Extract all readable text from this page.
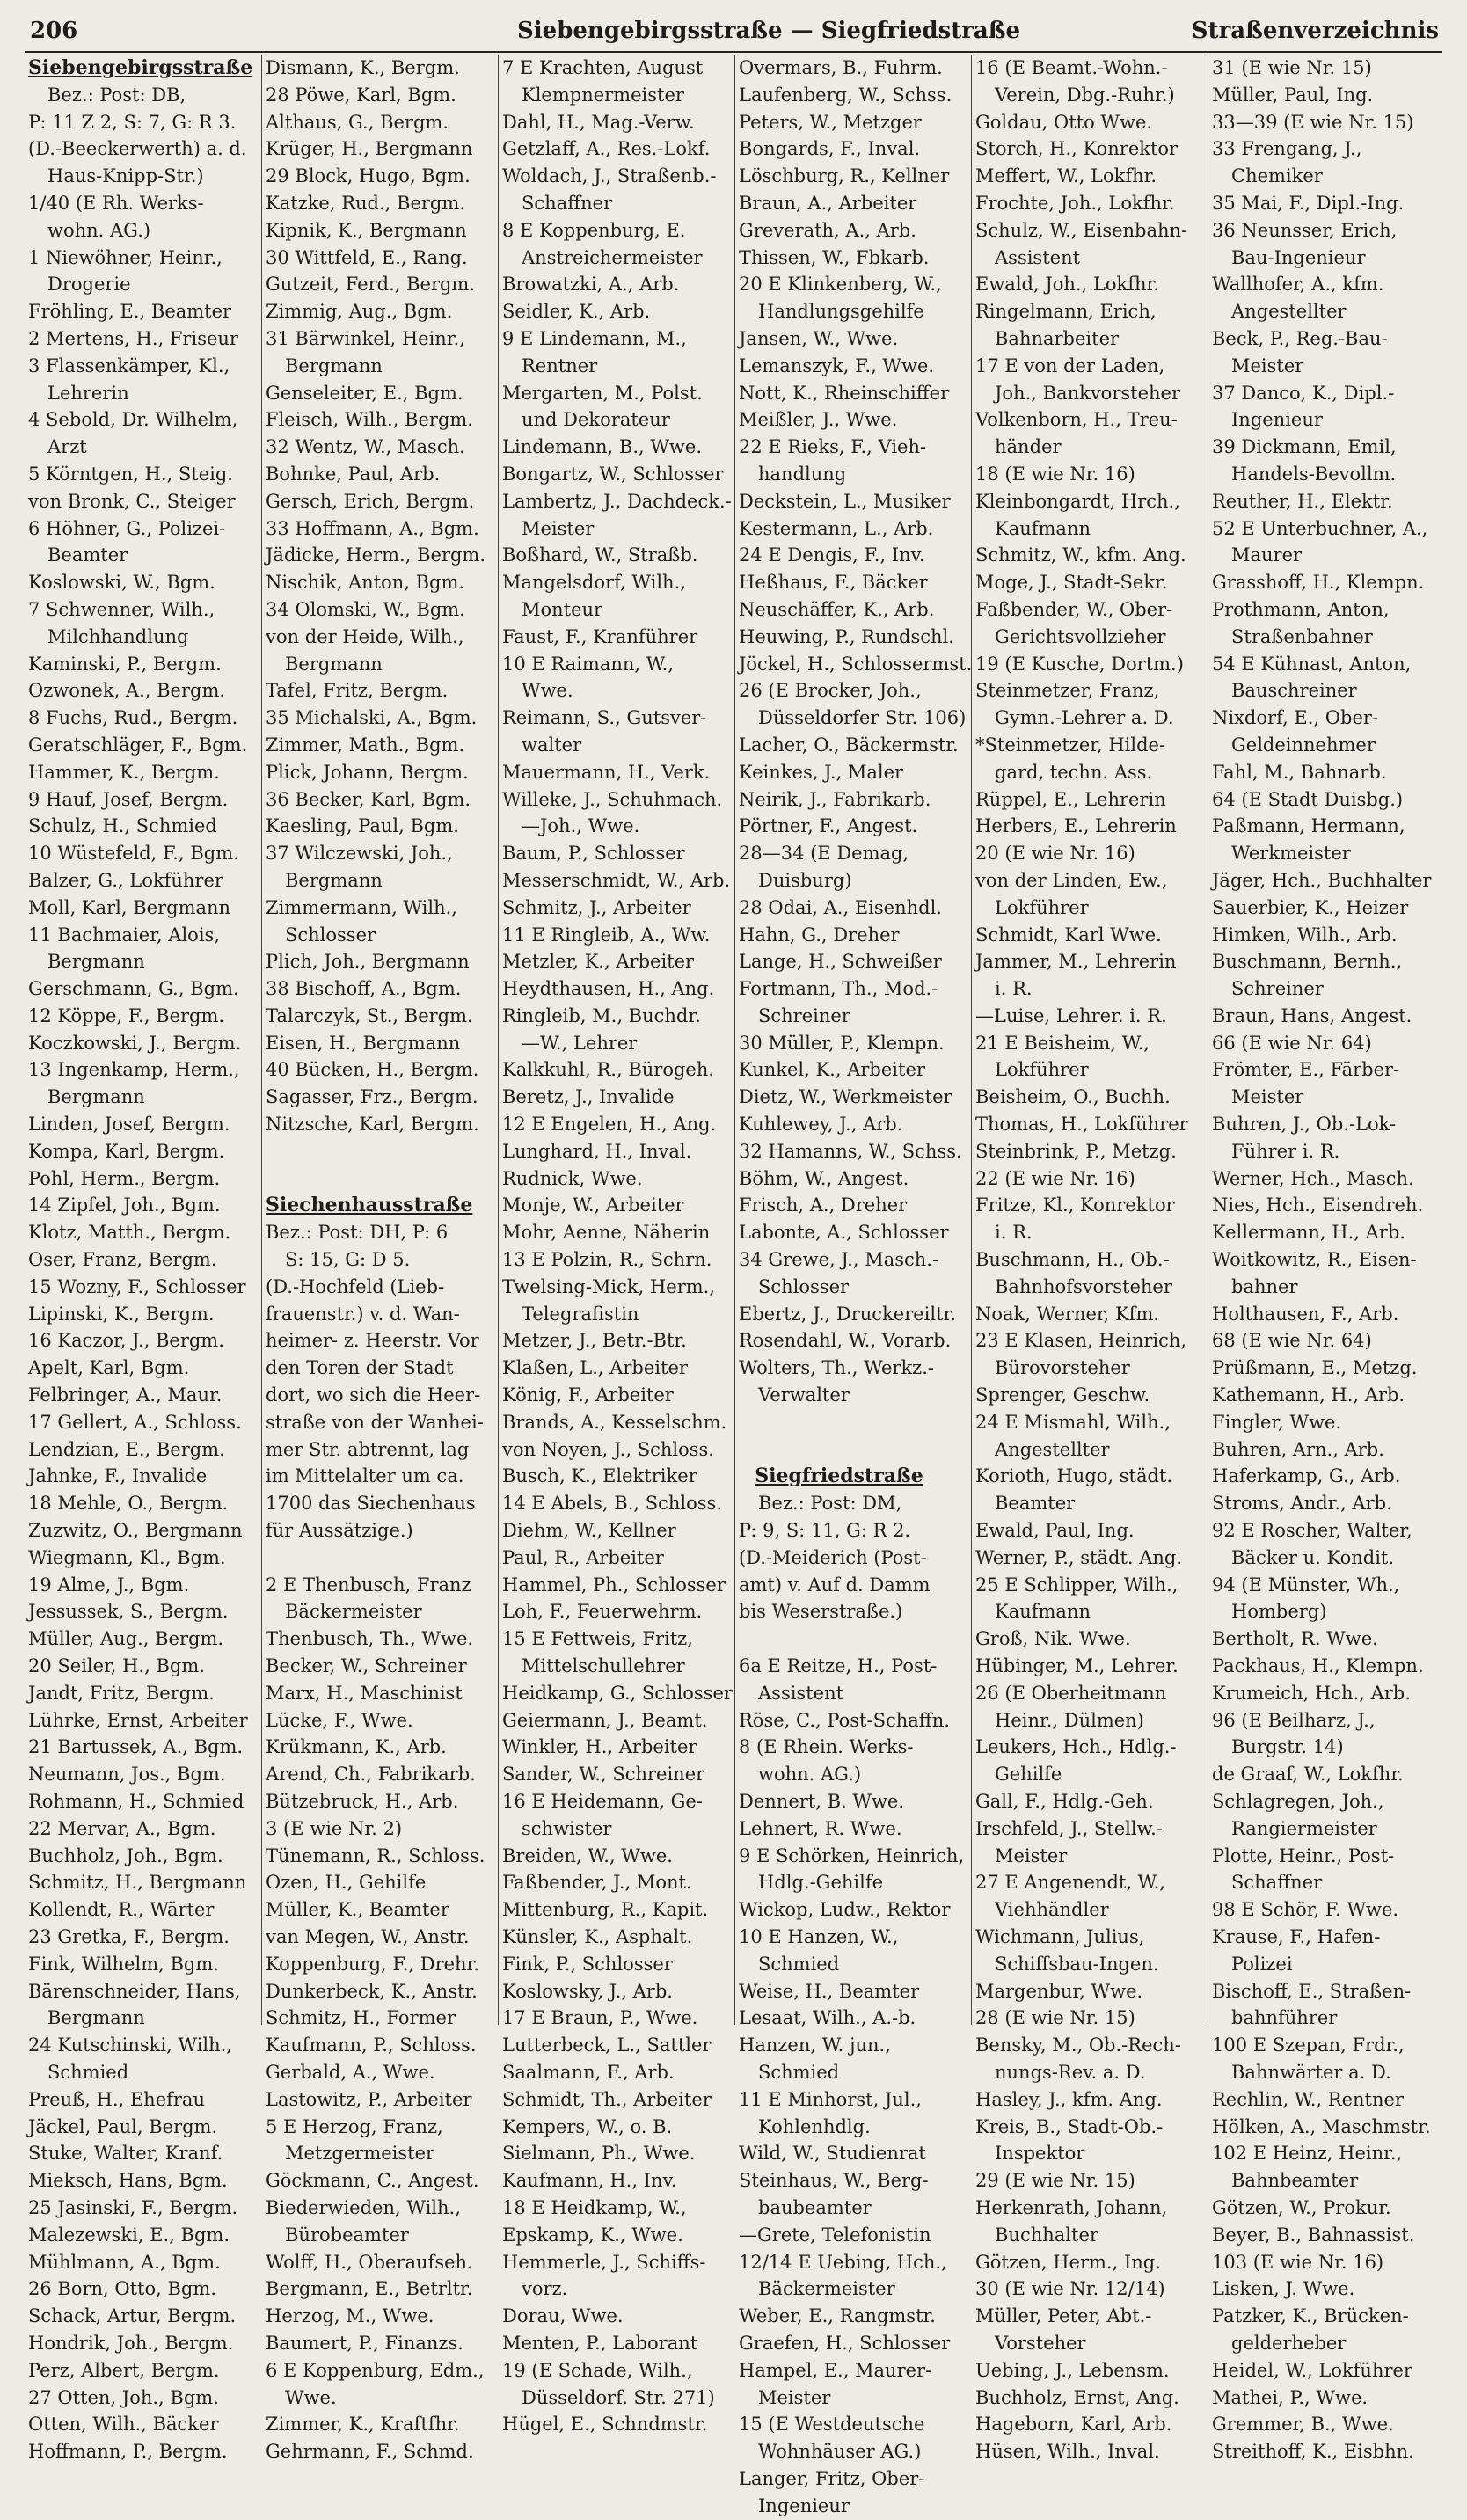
206	Siebengebirgsstraße — Siegfriedstraße	Straßenverzeichnis
Siebengebirgsstraße
Bez.: Post: DB,
P: 11 Z 2, S: 7, G: R 3.
(D.-Beeckerwerth) a. d.
Haus-Knipp-Str.)
1/40 (E Rh. Werks-
wohn. AG.)
1 Niewöhner, Heinr.,
Drogerie
Fröhling, E., Beamter
2 Mertens, H., Friseur
3 Flassenkämper, Kl.,
Lehrerin
4 Sebold, Dr. Wilhelm,
Arzt
5 Körntgen, H., Steig.
von Bronk, C., Steiger
6 Höhner, G., Polizei-
Beamter
Koslowski, W., Bgm.
7 Schwenner, Wilh.,
Milchhandlung
Kaminski, P., Bergm.
Ozwonek, A., Bergm.
8 Fuchs, Rud., Bergm.
Geratschläger, F., Bgm.
Hammer, K., Bergm.
9 Hauf, Josef, Bergm.
Schulz, H., Schmied
10 Wüstefeld, F., Bgm.
Balzer, G., Lokführer
Moll, Karl, Bergmann
11 Bachmaier, Alois,
Bergmann
Gerschmann, G., Bgm.
12 Köppe, F., Bergm.
Koczkowski, J., Bergm.
13 Ingenkamp, Herm.,
Bergmann
Linden, Josef, Bergm.
Kompa, Karl, Bergm.
Pohl, Herm., Bergm.
14 Zipfel, Joh., Bgm.
Klotz, Matth., Bergm.
Oser, Franz, Bergm.
15 Wozny, F., Schlosser
Lipinski, K., Bergm.
16 Kaczor, J., Bergm.
Apelt, Karl, Bgm.
Felbringer, A., Maur.
17 Gellert, A., Schloss.
Lendzian, E., Bergm.
Jahnke, F., Invalide
18 Mehle, O., Bergm.
Zuzwitz, O., Bergmann
Wiegmann, Kl., Bgm.
19 Alme, J., Bgm.
Jessussek, S., Bergm.
Müller, Aug., Bergm.
20 Seiler, H., Bgm.
Jandt, Fritz, Bergm.
Lührke, Ernst, Arbeiter
21 Bartussek, A., Bgm.
Neumann, Jos., Bgm.
Rohmann, H., Schmied
22 Mervar, A., Bgm.
Buchholz, Joh., Bgm.
Schmitz, H., Bergmann
Kollendt, R., Wärter
23 Gretka, F., Bergm.
Fink, Wilhelm, Bgm.
Bärenschneider, Hans,
Bergmann
24 Kutschinski, Wilh.,
Schmied
Preuß, H., Ehefrau
Jäckel, Paul, Bergm.
Stuke, Walter, Kranf.
Mieksch, Hans, Bgm.
25 Jasinski, F., Bergm.
Malezewski, E., Bgm.
Mühlmann, A., Bgm.
26 Born, Otto, Bgm.
Schack, Artur, Bergm.
Hondrik, Joh., Bergm.
Perz, Albert, Bergm.
27 Otten, Joh., Bgm.
Otten, Wilh., Bäcker
Hoffmann, P., Bergm.
Dismann, K., Bergm.
28 Pöwe, Karl, Bgm.
Althaus, G., Bergm.
Krüger, H., Bergmann
29 Block, Hugo, Bgm.
Katzke, Rud., Bergm.
Kipnik, K., Bergmann
30 Wittfeld, E., Rang.
Gutzeit, Ferd., Bergm.
Zimmig, Aug., Bgm.
31 Bärwinkel, Heinr.,
Bergmann
Genseleiter, E., Bgm.
Fleisch, Wilh., Bergm.
32 Wentz, W., Masch.
Bohnke, Paul, Arb.
Gersch, Erich, Bergm.
33 Hoffmann, A., Bgm.
Jädicke, Herm., Bergm.
Nischik, Anton, Bgm.
34 Olomski, W., Bgm.
von der Heide, Wilh.,
Bergmann
Tafel, Fritz, Bergm.
35 Michalski, A., Bgm.
Zimmer, Math., Bgm.
Plick, Johann, Bergm.
36 Becker, Karl, Bgm.
Kaesling, Paul, Bgm.
37 Wilczewski, Joh.,
Bergmann
Zimmermann, Wilh.,
Schlosser
Plich, Joh., Bergmann
38 Bischoff, A., Bgm.
Talarczyk, St., Bergm.
Eisen, H., Bergmann
40 Bücken, H., Bergm.
Sagasser, Frz., Bergm.
Nitzsche, Karl, Bergm.
Siechenhausstraße
Bez.: Post: DH, P: 6
S: 15, G: D 5.
(D.-Hochfeld (Lieb-
frauenstr.) v. d. Wan-
heimer- z. Heerstr. Vor
den Toren der Stadt
dort, wo sich die Heer-
straße von der Wanhei-
mer Str. abtrennt, lag
im Mittelalter um ca.
1700 das Siechenhaus
für Aussätzige.)
2 E Thenbusch, Franz
Bäckermeister
Thenbusch, Th., Wwe.
Becker, W., Schreiner
Marx, H., Maschinist
Lücke, F., Wwe.
Krükmann, K., Arb.
Arend, Ch., Fabrikarb.
Bützebruck, H., Arb.
3 (E wie Nr. 2)
Tünemann, R., Schloss.
Ozen, H., Gehilfe
Müller, K., Beamter
van Megen, W., Anstr.
Koppenburg, F., Drehr.
Dunkerbeck, K., Anstr.
Schmitz, H., Former
Kaufmann, P., Schloss.
Gerbald, A., Wwe.
Lastowitz, P., Arbeiter
5 E Herzog, Franz,
Metzgermeister
Göckmann, C., Angest.
Biederwieden, Wilh.,
Bürobeamter
Wolff, H., Oberaufseh.
Bergmann, E., Betrltr.
Herzog, M., Wwe.
Baumert, P., Finanzs.
6 E Koppenburg, Edm.,
Wwe.
Zimmer, K., Kraftfhr.
Gehrmann, F., Schmd.
7 E Krachten, August
Klempnermeister
Dahl, H., Mag.-Verw.
Getzlaff, A., Res.-Lokf.
Woldach, J., Straßenb.-
Schaffner
8 E Koppenburg, E.
Anstreichermeister
Browatzki, A., Arb.
Seidler, K., Arb.
9 E Lindemann, M.,
Rentner
Mergarten, M., Polst.
und Dekorateur
Lindemann, B., Wwe.
Bongartz, W., Schlosser
Lambertz, J., Dachdeck.-
Meister
Boßhard, W., Straßb.
Mangelsdorf, Wilh.,
Monteur
Faust, F., Kranführer
10 E Raimann, W.,
Wwe.
Reimann, S., Gutsver-
walter
Mauermann, H., Verk.
Willeke, J., Schuhmach.
—Joh., Wwe.
Baum, P., Schlosser
Messerschmidt, W., Arb.
Schmitz, J., Arbeiter
11 E Ringleib, A., Ww.
Metzler, K., Arbeiter
Heydthausen, H., Ang.
Ringleib, M., Buchdr.
—W., Lehrer
Kalkkuhl, R., Bürogeh.
Beretz, J., Invalide
12 E Engelen, H., Ang.
Lunghard, H., Inval.
Rudnick, Wwe.
Monje, W., Arbeiter
Mohr, Aenne, Näherin
13 E Polzin, R., Schrn.
Twelsing-Mick, Herm.,
Telegrafistin
Metzer, J., Betr.-Btr.
Klaßen, L., Arbeiter
König, F., Arbeiter
Brands, A., Kesselschm.
von Noyen, J., Schloss.
Busch, K., Elektriker
14 E Abels, B., Schloss.
Diehm, W., Kellner
Paul, R., Arbeiter
Hammel, Ph., Schlosser
Loh, F., Feuerwehrm.
15 E Fettweis, Fritz,
Mittelschullehrer
Heidkamp, G., Schlosser
Geiermann, J., Beamt.
Winkler, H., Arbeiter
Sander, W., Schreiner
16 E Heidemann, Ge-
schwister
Breiden, W., Wwe.
Faßbender, J., Mont.
Mittenburg, R., Kapit.
Künsler, K., Asphalt.
Fink, P., Schlosser
Koslowsky, J., Arb.
17 E Braun, P., Wwe.
Lutterbeck, L., Sattler
Saalmann, F., Arb.
Schmidt, Th., Arbeiter
Kempers, W., o. B.
Sielmann, Ph., Wwe.
Kaufmann, H., Inv.
18 E Heidkamp, W.,
Epskamp, K., Wwe.
Hemmerle, J., Schiffs-
vorz.
Dorau, Wwe.
Menten, P., Laborant
19 (E Schade, Wilh.,
Düsseldorf. Str. 271)
Hügel, E., Schndmstr.
Overmars, B., Fuhrm.
Laufenberg, W., Schss.
Peters, W., Metzger
Bongards, F., Inval.
Löschburg, R., Kellner
Braun, A., Arbeiter
Greverath, A., Arb.
Thissen, W., Fbkarb.
20 E Klinkenberg, W.,
Handlungsgehilfe
Jansen, W., Wwe.
Lemanszyk, F., Wwe.
Nott, K., Rheinschiffer
Meißler, J., Wwe.
22 E Rieks, F., Vieh-
handlung
Deckstein, L., Musiker
Kestermann, L., Arb.
24 E Dengis, F., Inv.
Heßhaus, F., Bäcker
Neuschäffer, K., Arb.
Heuwing, P., Rundschl.
Jöckel, H., Schlossermst.
26 (E Brocker, Joh.,
Düsseldorfer Str. 106)
Lacher, O., Bäckermstr.
Keinkes, J., Maler
Neirik, J., Fabrikarb.
Pörtner, F., Angest.
28—34 (E Demag,
Duisburg)
28 Odai, A., Eisenhdl.
Hahn, G., Dreher
Lange, H., Schweißer
Fortmann, Th., Mod.-
Schreiner
30 Müller, P., Klempn.
Kunkel, K., Arbeiter
Dietz, W., Werkmeister
Kuhlewey, J., Arb.
32 Hamanns, W., Schss.
Böhm, W., Angest.
Frisch, A., Dreher
Labonte, A., Schlosser
34 Grewe, J., Masch.-
Schlosser
Ebertz, J., Druckereiltr.
Rosendahl, W., Vorarb.
Wolters, Th., Werkz.-
Verwalter
Siegfriedstraße
Bez.: Post: DM,
P: 9, S: 11, G: R 2.
(D.-Meiderich (Post-
amt) v. Auf d. Damm
bis Weserstraße.)
6a E Reitze, H., Post-
Assistent
Röse, C., Post-Schaffn.
8 (E Rhein. Werks-
wohn. AG.)
Dennert, B. Wwe.
Lehnert, R. Wwe.
9 E Schörken, Heinrich,
Hdlg.-Gehilfe
Wickop, Ludw., Rektor
10 E Hanzen, W.,
Schmied
Weise, H., Beamter
Lesaat, Wilh., A.-b.
Hanzen, W. jun.,
Schmied
11 E Minhorst, Jul.,
Kohlenhdlg.
Wild, W., Studienrat
Steinhaus, W., Berg-
baubeamter
—Grete, Telefonistin
12/14 E Uebing, Hch.,
Bäckermeister
Weber, E., Rangmstr.
Graefen, H., Schlosser
Hampel, E., Maurer-
Meister
15 (E Westdeutsche
Wohnhäuser AG.)
Langer, Fritz, Ober-
Ingenieur
16 (E Beamt.-Wohn.-
Verein, Dbg.-Ruhr.)
Goldau, Otto Wwe.
Storch, H., Konrektor
Meffert, W., Lokfhr.
Frochte, Joh., Lokfhr.
Schulz, W., Eisenbahn-
Assistent
Ewald, Joh., Lokfhr.
Ringelmann, Erich,
Bahnarbeiter
17 E von der Laden,
Joh., Bankvorsteher
Volkenborn, H., Treu-
händer
18 (E wie Nr. 16)
Kleinbongardt, Hrch.,
Kaufmann
Schmitz, W., kfm. Ang.
Moge, J., Stadt-Sekr.
Faßbender, W., Ober-
Gerichtsvollzieher
19 (E Kusche, Dortm.)
Steinmetzer, Franz,
Gymn.-Lehrer a. D.
*Steinmetzer, Hilde-
gard, techn. Ass.
Rüppel, E., Lehrerin
Herbers, E., Lehrerin
20 (E wie Nr. 16)
von der Linden, Ew.,
Lokführer
Schmidt, Karl Wwe.
Jammer, M., Lehrerin
i. R.
—Luise, Lehrer. i. R.
21 E Beisheim, W.,
Lokführer
Beisheim, O., Buchh.
Thomas, H., Lokführer
Steinbrink, P., Metzg.
22 (E wie Nr. 16)
Fritze, Kl., Konrektor
i. R.
Buschmann, H., Ob.-
Bahnhofsvorsteher
Noak, Werner, Kfm.
23 E Klasen, Heinrich,
Bürovorsteher
Sprenger, Geschw.
24 E Mismahl, Wilh.,
Angestellter
Korioth, Hugo, städt.
Beamter
Ewald, Paul, Ing.
Werner, P., städt. Ang.
25 E Schlipper, Wilh.,
Kaufmann
Groß, Nik. Wwe.
Hübinger, M., Lehrer.
26 (E Oberheitmann
Heinr., Dülmen)
Leukers, Hch., Hdlg.-
Gehilfe
Gall, F., Hdlg.-Geh.
Irschfeld, J., Stellw.-
Meister
27 E Angenendt, W.,
Viehhändler
Wichmann, Julius,
Schiffsbau-Ingen.
Margenbur, Wwe.
28 (E wie Nr. 15)
Bensky, M., Ob.-Rech-
nungs-Rev. a. D.
Hasley, J., kfm. Ang.
Kreis, B., Stadt-Ob.-
Inspektor
29 (E wie Nr. 15)
Herkenrath, Johann,
Buchhalter
Götzen, Herm., Ing.
30 (E wie Nr. 12/14)
Müller, Peter, Abt.-
Vorsteher
Uebing, J., Lebensm.
Buchholz, Ernst, Ang.
Hageborn, Karl, Arb.
Hüsen, Wilh., Inval.
31 (E wie Nr. 15)
Müller, Paul, Ing.
33—39 (E wie Nr. 15)
33 Frengang, J.,
Chemiker
35 Mai, F., Dipl.-Ing.
36 Neunsser, Erich,
Bau-Ingenieur
Wallhofer, A., kfm.
Angestellter
Beck, P., Reg.-Bau-
Meister
37 Danco, K., Dipl.-
Ingenieur
39 Dickmann, Emil,
Handels-Bevollm.
Reuther, H., Elektr.
52 E Unterbuchner, A.,
Maurer
Grasshoff, H., Klempn.
Prothmann, Anton,
Straßenbahner
54 E Kühnast, Anton,
Bauschreiner
Nixdorf, E., Ober-
Geldeinnehmer
Fahl, M., Bahnarb.
64 (E Stadt Duisbg.)
Paßmann, Hermann,
Werkmeister
Jäger, Hch., Buchhalter
Sauerbier, K., Heizer
Himken, Wilh., Arb.
Buschmann, Bernh.,
Schreiner
Braun, Hans, Angest.
66 (E wie Nr. 64)
Frömter, E., Färber-
Meister
Buhren, J., Ob.-Lok-
Führer i. R.
Werner, Hch., Masch.
Nies, Hch., Eisendreh.
Kellermann, H., Arb.
Woitkowitz, R., Eisen-
bahner
Holthausen, F., Arb.
68 (E wie Nr. 64)
Prüßmann, E., Metzg.
Kathemann, H., Arb.
Fingler, Wwe.
Buhren, Arn., Arb.
Haferkamp, G., Arb.
Stroms, Andr., Arb.
92 E Roscher, Walter,
Bäcker u. Kondit.
94 (E Münster, Wh.,
Homberg)
Bertholt, R. Wwe.
Packhaus, H., Klempn.
Krumeich, Hch., Arb.
96 (E Beilharz, J.,
Burgstr. 14)
de Graaf, W., Lokfhr.
Schlagregen, Joh.,
Rangiermeister
Plotte, Heinr., Post-
Schaffner
98 E Schör, F. Wwe.
Krause, F., Hafen-
Polizei
Bischoff, E., Straßen-
bahnführer
100 E Szepan, Frdr.,
Bahnwärter a. D.
Rechlin, W., Rentner
Hölken, A., Maschmstr.
102 E Heinz, Heinr.,
Bahnbeamter
Götzen, W., Prokur.
Beyer, B., Bahnassist.
103 (E wie Nr. 16)
Lisken, J. Wwe.
Patzker, K., Brücken-
gelderheber
Heidel, W., Lokführer
Mathei, P., Wwe.
Gremmer, B., Wwe.
Streithoff, K., Eisbhn.
